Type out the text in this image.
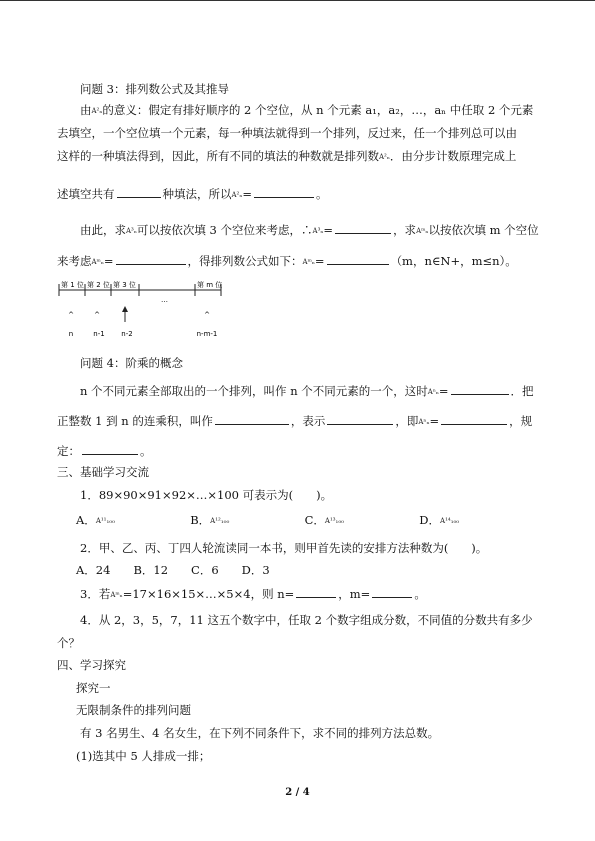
问题 3：排列数公式及其推导
由A²ₙ的意义：假定有排好顺序的 2 个空位，从 n 个元素 a₁，a₂，…，aₙ 中任取 2 个元素
去填空，一个空位填一个元素，每一种填法就得到一个排列，反过来，任一个排列总可以由
这样的一种填法得到，因此，所有不同的填法的种数就是排列数A²ₙ．由分步计数原理完成上
述填空共有	种填法，所以A²ₙ=	。
由此，求A³ₙ可以按依次填 3 个空位来考虑，∴A³ₙ=	，求Aᵐₙ以按依次填 m 个空位
来考虑Aᵐₙ=	，得排列数公式如下：Aᵐₙ=	（m，n∈N+，m≤n）。
第 1 位 第 2 位 第 3 位
…
第 m 位
^	^	^
n	n-1 n-2	n-m-1
问题 4：阶乘的概念
n 个不同元素全部取出的一个排列，叫作 n 个不同元素的一个，这时Aⁿₙ=	．把
正整数 1 到 n 的连乘积，叫作	，表示	，即Aⁿₙ=	，规
定：	。
三、基础学习交流
1．89×90×91×92×…×100 可表示为(　　)。
A．A¹¹₁₀₀	B．A¹²₁₀₀	C．A¹³₁₀₀	D．A¹⁴₁₀₀
2．甲、乙、丙、丁四人轮流读同一本书，则甲首先读的安排方法种数为(　　)。
A．24　　B．12　　C．6　　D．3
3．若Aᵐₙ=17×16×15×…×5×4，则 n=	，m=	。
4．从 2，3，5，7，11 这五个数字中，任取 2 个数字组成分数，不同值的分数共有多少
个？
四、学习探究
探究一
无限制条件的排列问题
有 3 名男生、4 名女生，在下列不同条件下，求不同的排列方法总数。
(1)选其中 5 人排成一排；
2 / 4
